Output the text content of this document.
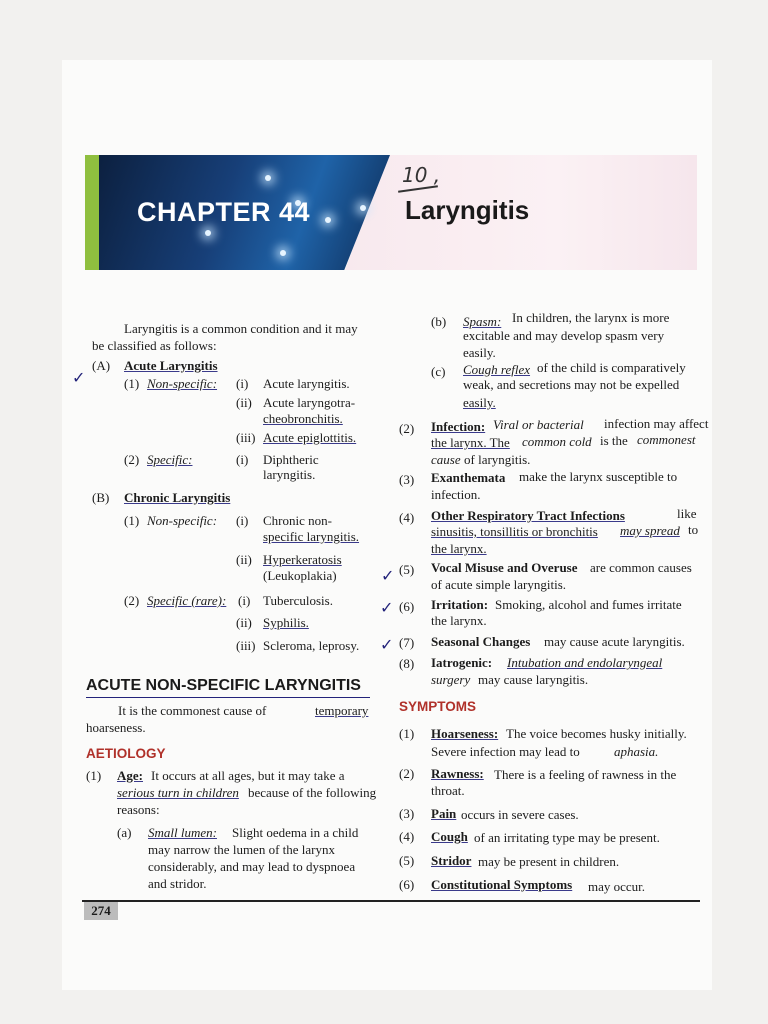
CHAPTER 44
10 ,
Laryngitis
Laryngitis is a common condition and it may
be classified as follows:
(A) Acute Laryngitis
✓	(1) Non-specific: (i) Acute laryngitis.
(ii) Acute laryngotra-
cheobronchitis.
(iii) Acute epiglottitis.
(2) Specific:	(i) Diphtheric
laryngitis.
(B) Chronic Laryngitis
(1) Non-specific: (i) Chronic non-
specific laryngitis.
(ii) Hyperkeratosis
(Leukoplakia)
(2) Specific (rare): (i) Tuberculosis.
(ii) Syphilis.
(iii) Scleroma, leprosy.
ACUTE NON-SPECIFIC LARYNGITIS
It is the commonest cause of	temporary
hoarseness.
AETIOLOGY
(1) Age: It occurs at all ages, but it may take a
serious turn in children because of the following
reasons:
(a) Small lumen: Slight oedema in a child
may narrow the lumen of the larynx
considerably, and may lead to dyspnoea
and stridor.
(b) Spasm: In children, the larynx is more
excitable and may develop spasm very
easily.
(c) Cough reflex of the child is comparatively
weak, and secretions may not be expelled
easily.
(2) Infection: Viral or bacterial infection may affect
the larynx. The common cold is the commonest
cause of laryngitis.
(3) Exanthemata make the larynx susceptible to
infection.
(4) Other Respiratory Tract Infections	like
sinusitis, tonsillitis or bronchitis may spread to
the larynx.
(5) Vocal Misuse and Overuse are common causes
of acute simple laryngitis.
✓
(6) Irritation: Smoking, alcohol and fumes irritate
the larynx.
✓
(7) Seasonal Changes may cause acute laryngitis.
✓
(8) Iatrogenic: Intubation and endolaryngeal
surgery may cause laryngitis.
SYMPTOMS
(1) Hoarseness: The voice becomes husky initially.
Severe infection may lead to	aphasia.
(2) Rawness: There is a feeling of rawness in the
throat.
(3) Pain occurs in severe cases.
(4) Cough of an irritating type may be present.
(5) Stridor may be present in children.
(6) Constitutional Symptoms may occur.
274
